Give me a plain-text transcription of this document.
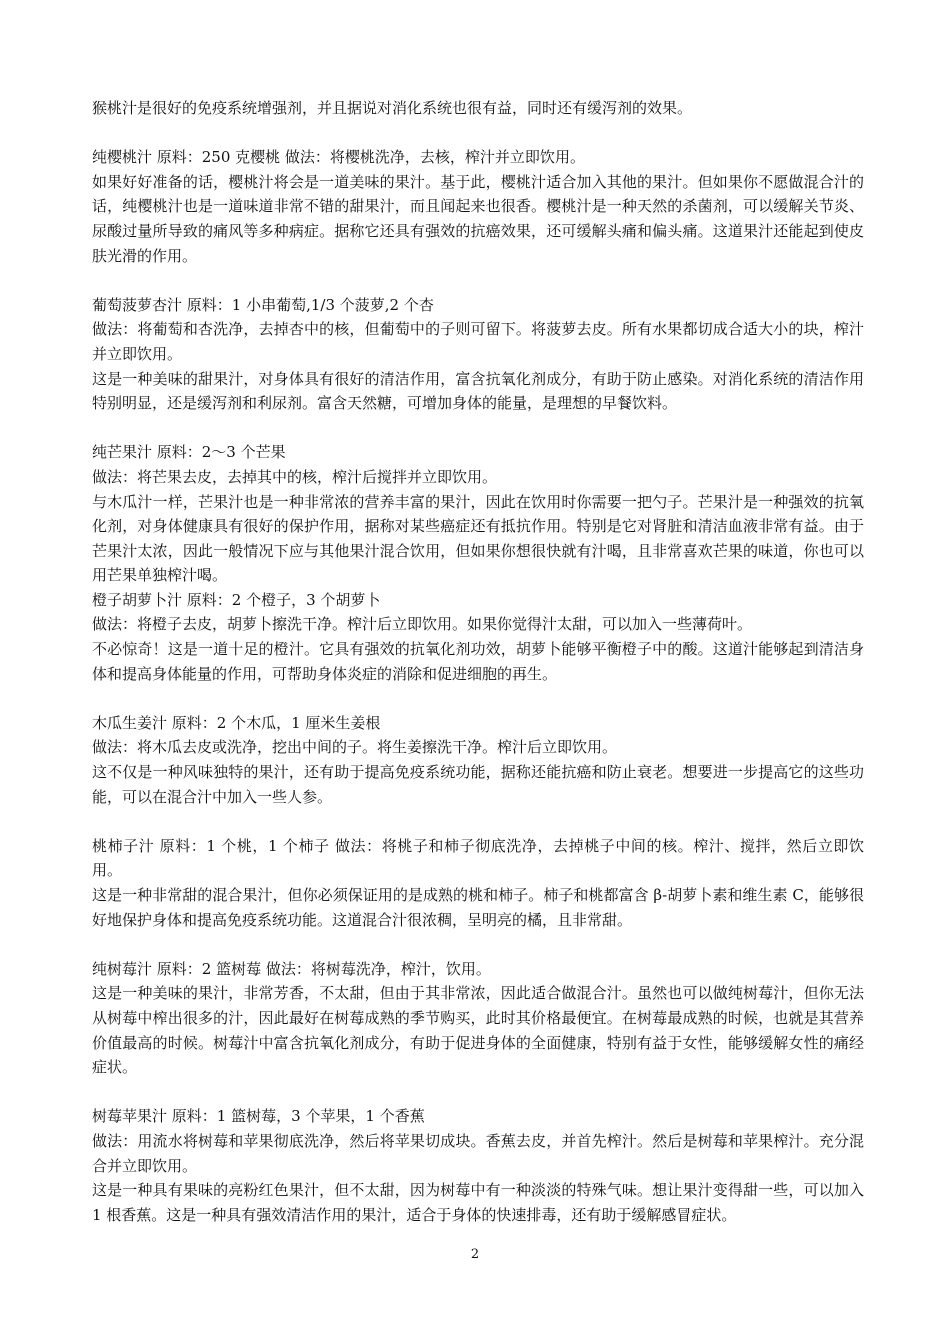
猴桃汁是很好的免疫系统增强剂，并且据说对消化系统也很有益，同时还有缓泻剂的效果。
纯樱桃汁 原料：250 克樱桃 做法：将樱桃洗净，去核，榨汁并立即饮用。
如果好好准备的话，樱桃汁将会是一道美味的果汁。基于此，樱桃汁适合加入其他的果汁。但如果你不愿做混合汁的话，纯樱桃汁也是一道味道非常不错的甜果汁，而且闻起来也很香。樱桃汁是一种天然的杀菌剂，可以缓解关节炎、尿酸过量所导致的痛风等多种病症。据称它还具有强效的抗癌效果，还可缓解头痛和偏头痛。这道果汁还能起到使皮肤光滑的作用。
葡萄菠萝杏汁 原料：1 小串葡萄,1/3 个菠萝,2 个杏
做法：将葡萄和杏洗净，去掉杏中的核，但葡萄中的子则可留下。将菠萝去皮。所有水果都切成合适大小的块，榨汁并立即饮用。
这是一种美味的甜果汁，对身体具有很好的清洁作用，富含抗氧化剂成分，有助于防止感染。对消化系统的清洁作用特别明显，还是缓泻剂和利尿剂。富含天然糖，可增加身体的能量，是理想的早餐饮料。
纯芒果汁 原料：2～3 个芒果
做法：将芒果去皮，去掉其中的核，榨汁后搅拌并立即饮用。
与木瓜汁一样，芒果汁也是一种非常浓的营养丰富的果汁，因此在饮用时你需要一把勺子。芒果汁是一种强效的抗氧化剂，对身体健康具有很好的保护作用，据称对某些癌症还有抵抗作用。特别是它对肾脏和清洁血液非常有益。由于芒果汁太浓，因此一般情况下应与其他果汁混合饮用，但如果你想很快就有汁喝，且非常喜欢芒果的味道，你也可以用芒果单独榨汁喝。
橙子胡萝卜汁 原料：2 个橙子，3 个胡萝卜
做法：将橙子去皮，胡萝卜擦洗干净。榨汁后立即饮用。如果你觉得汁太甜，可以加入一些薄荷叶。
不必惊奇！这是一道十足的橙汁。它具有强效的抗氧化剂功效，胡萝卜能够平衡橙子中的酸。这道汁能够起到清洁身体和提高身体能量的作用，可帮助身体炎症的消除和促进细胞的再生。
木瓜生姜汁 原料：2 个木瓜，1 厘米生姜根
做法：将木瓜去皮或洗净，挖出中间的子。将生姜擦洗干净。榨汁后立即饮用。
这不仅是一种风味独特的果汁，还有助于提高免疫系统功能，据称还能抗癌和防止衰老。想要进一步提高它的这些功能，可以在混合汁中加入一些人参。
桃柿子汁 原料：1 个桃，1 个柿子 做法：将桃子和柿子彻底洗净，去掉桃子中间的核。榨汁、搅拌，然后立即饮用。
这是一种非常甜的混合果汁，但你必须保证用的是成熟的桃和柿子。柿子和桃都富含 β-胡萝卜素和维生素 C，能够很好地保护身体和提高免疫系统功能。这道混合汁很浓稠，呈明亮的橘，且非常甜。
纯树莓汁 原料：2 篮树莓 做法：将树莓洗净，榨汁，饮用。
这是一种美味的果汁，非常芳香，不太甜，但由于其非常浓，因此适合做混合汁。虽然也可以做纯树莓汁，但你无法从树莓中榨出很多的汁，因此最好在树莓成熟的季节购买，此时其价格最便宜。在树莓最成熟的时候，也就是其营养价值最高的时候。树莓汁中富含抗氧化剂成分，有助于促进身体的全面健康，特别有益于女性，能够缓解女性的痛经症状。
树莓苹果汁 原料：1 篮树莓，3 个苹果，1 个香蕉
做法：用流水将树莓和苹果彻底洗净，然后将苹果切成块。香蕉去皮，并首先榨汁。然后是树莓和苹果榨汁。充分混合并立即饮用。
这是一种具有果味的亮粉红色果汁，但不太甜，因为树莓中有一种淡淡的特殊气味。想让果汁变得甜一些，可以加入 1 根香蕉。这是一种具有强效清洁作用的果汁，适合于身体的快速排毒，还有助于缓解感冒症状。
2
